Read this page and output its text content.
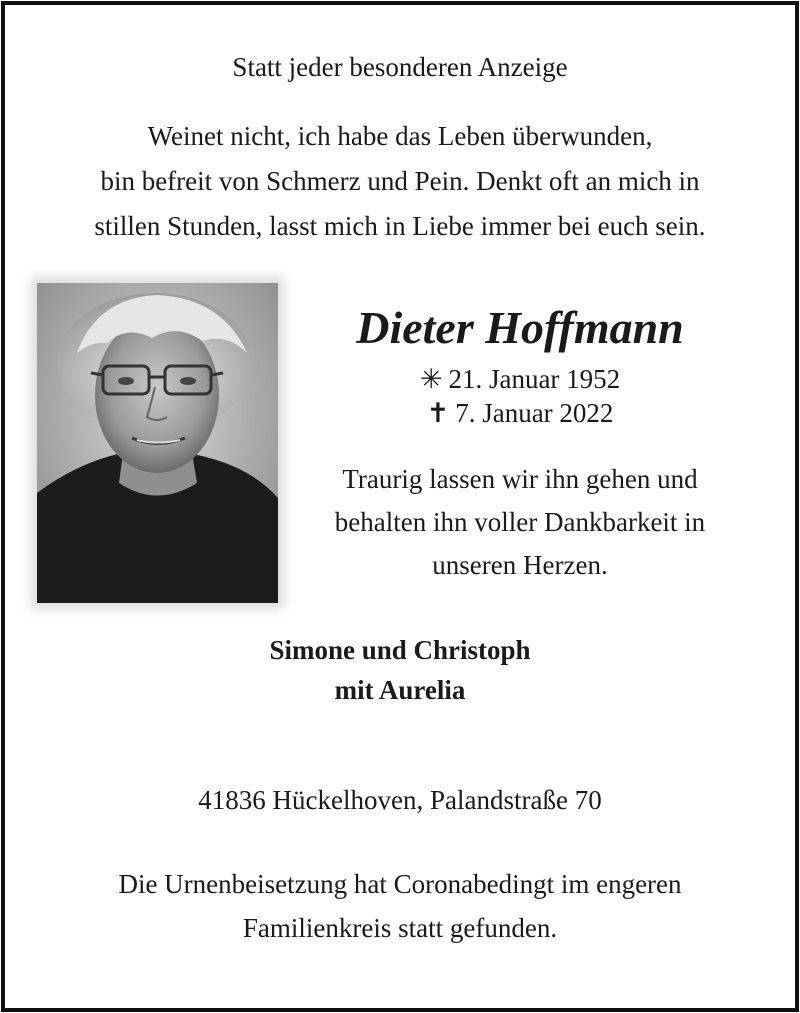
Statt jeder besonderen Anzeige
Weinet nicht, ich habe das Leben überwunden,
bin befreit von Schmerz und Pein. Denkt oft an mich in
stillen Stunden, lasst mich in Liebe immer bei euch sein.
Dieter Hoffmann
✳ 21. Januar 1952
✝ 7. Januar 2022
Traurig lassen wir ihn gehen und
behalten ihn voller Dankbarkeit in
unseren Herzen.
Simone und Christoph
mit Aurelia
41836 Hückelhoven, Palandstraße 70
Die Urnenbeisetzung hat Coronabedingt im engeren
Familienkreis statt gefunden.
